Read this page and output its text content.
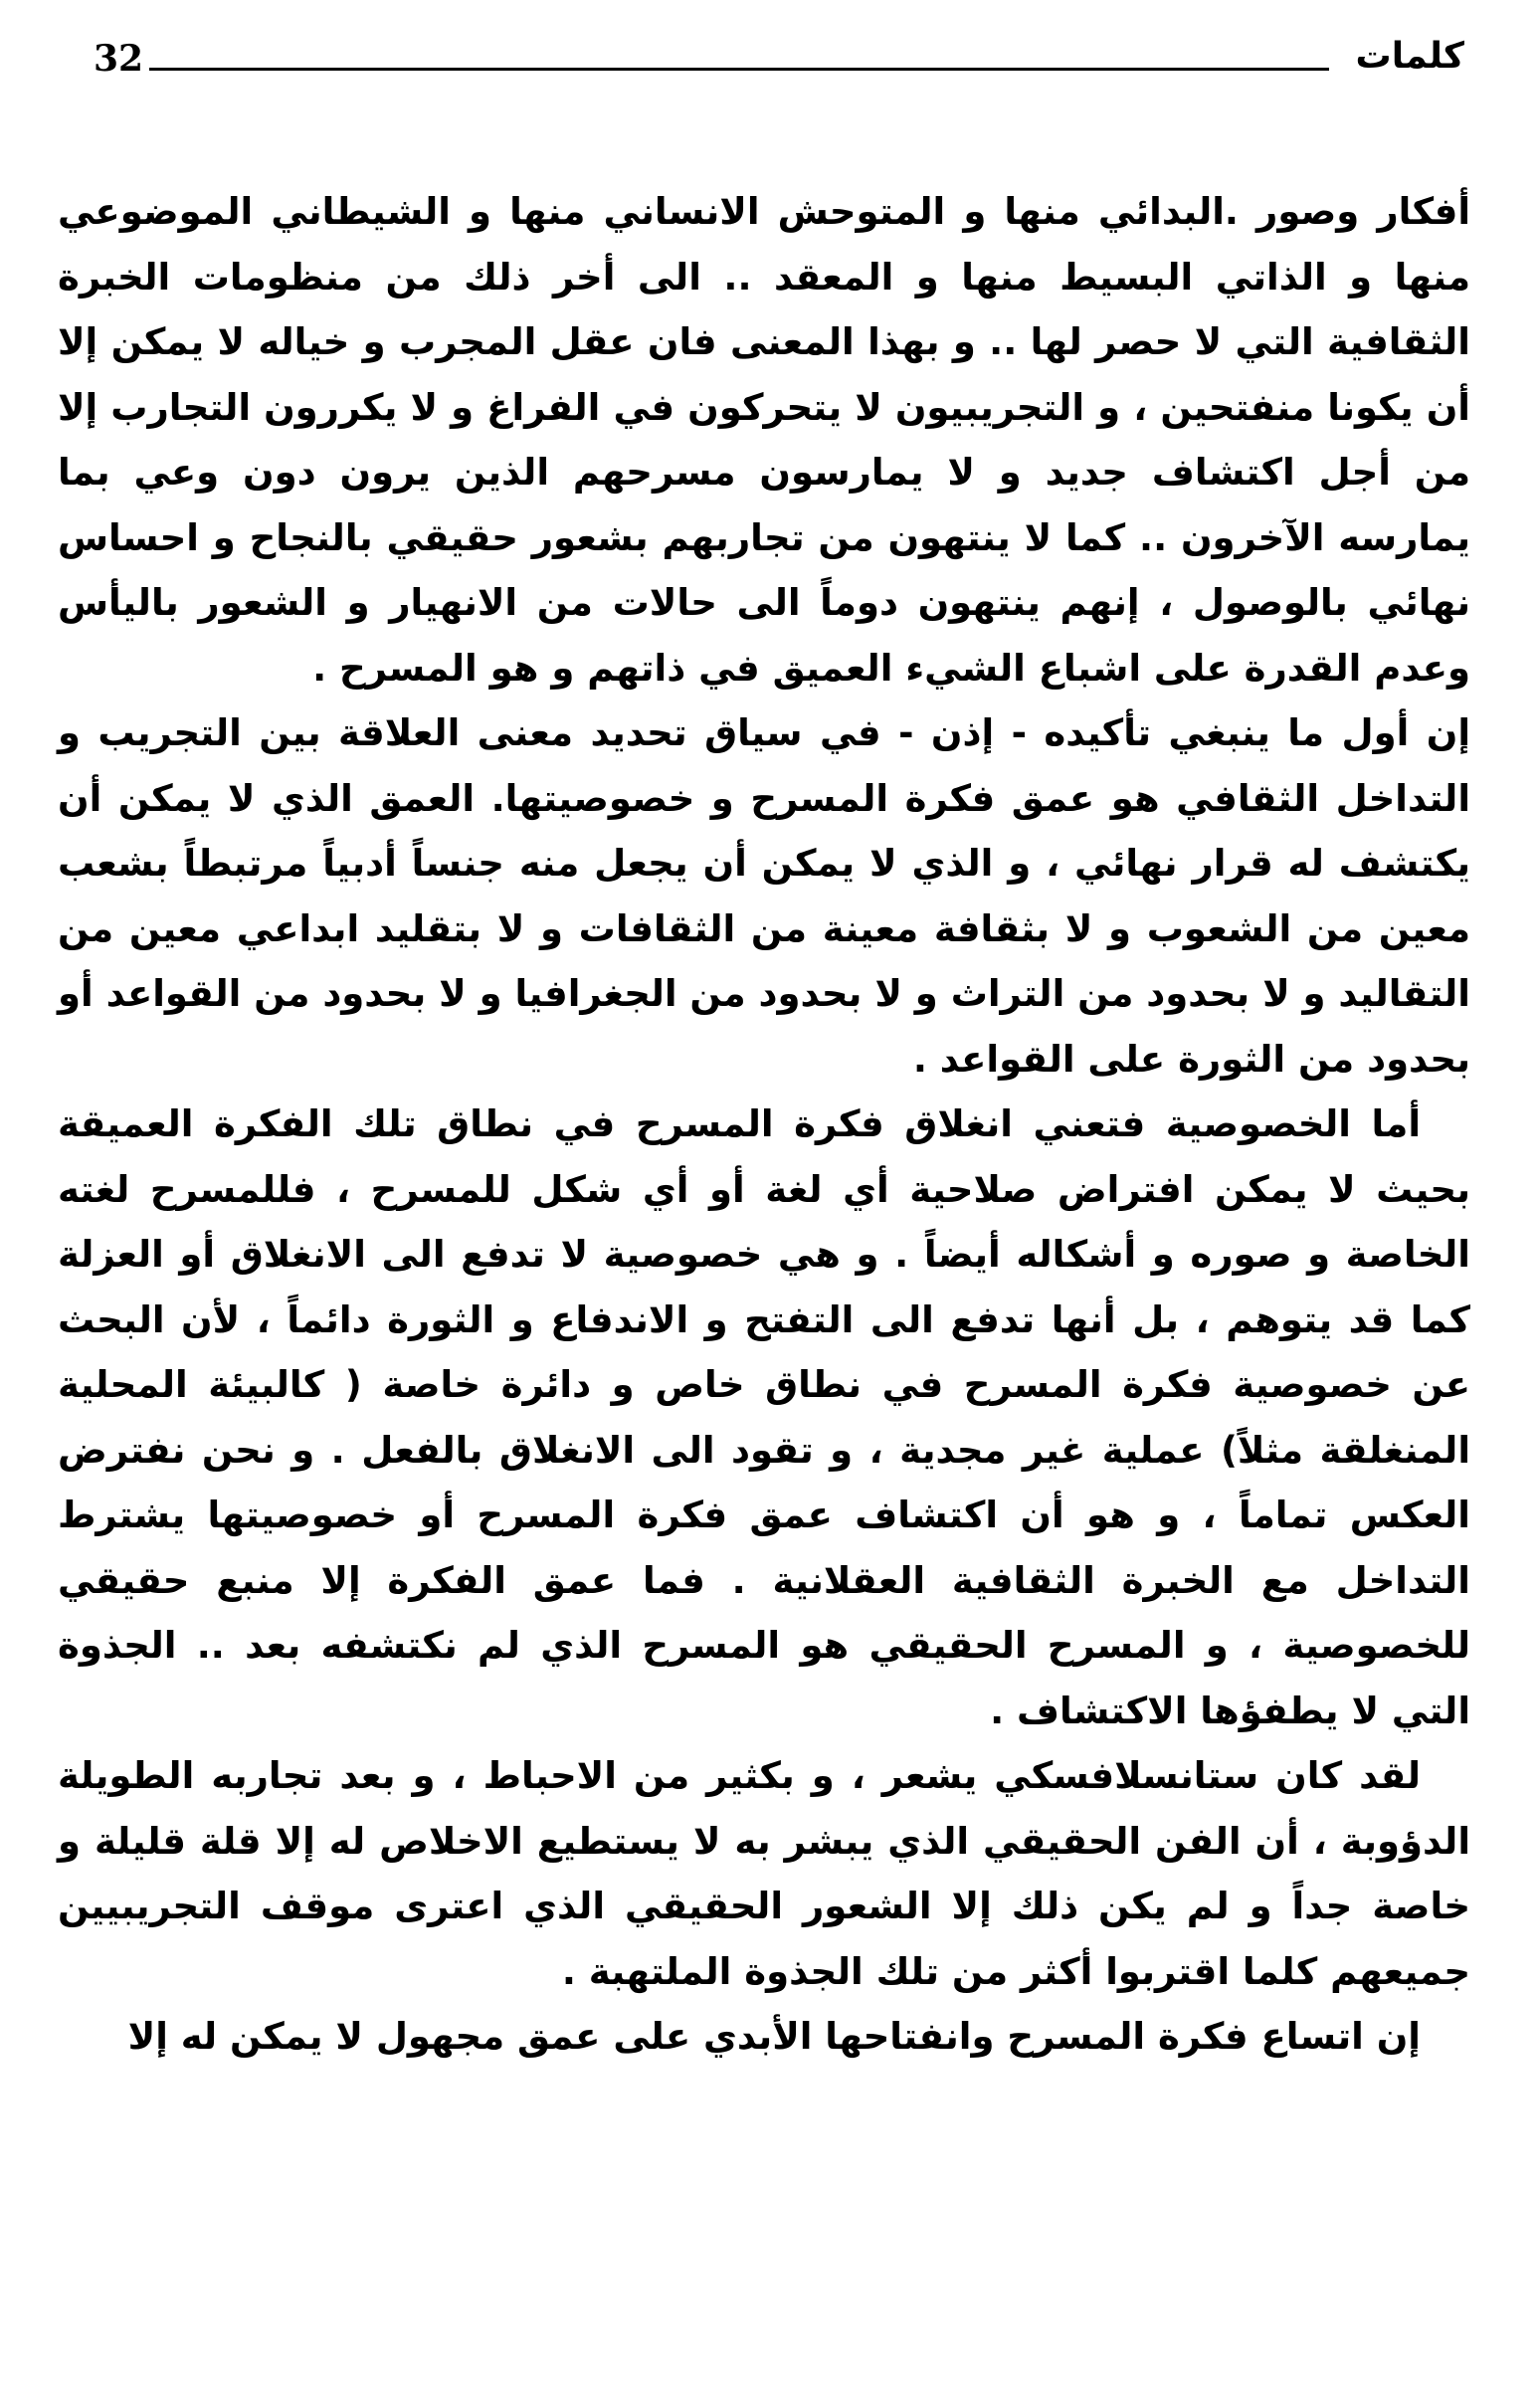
32	كلمات

أفكار وصور .البدائي منها و المتوحش الانساني منها و الشيطاني الموضوعي منها و الذاتي البسيط منها و المعقد .. الى أخر ذلك من منظومات الخبرة الثقافية التي لا حصر لها .. و بهذا المعنى فان عقل المجرب و خياله لا يمكن إلا أن يكونا منفتحين ، و التجريبيون لا يتحركون في الفراغ و لا يكررون التجارب إلا من أجل اكتشاف جديد و لا يمارسون مسرحهم الذين يرون دون وعي بما يمارسه الآخرون .. كما لا ينتهون من تجاربهم بشعور حقيقي بالنجاح و احساس نهائي بالوصول ، إنهم ينتهون دوماً الى حالات من الانهيار و الشعور باليأس وعدم القدرة على اشباع الشيء العميق في ذاتهم و هو المسرح .

إن أول ما ينبغي تأكيده - إذن - في سياق تحديد معنى العلاقة بين التجريب و التداخل الثقافي هو عمق فكرة المسرح و خصوصيتها. العمق الذي لا يمكن أن يكتشف له قرار نهائي ، و الذي لا يمكن أن يجعل منه جنساً أدبياً مرتبطاً بشعب معين من الشعوب و لا بثقافة معينة من الثقافات و لا بتقليد ابداعي معين من التقاليد و لا بحدود من التراث و لا بحدود من الجغرافيا و لا بحدود من القواعد أو بحدود من الثورة على القواعد .

أما الخصوصية فتعني انغلاق فكرة المسرح في نطاق تلك الفكرة العميقة بحيث لا يمكن افتراض صلاحية أي لغة أو أي شكل للمسرح ، فللمسرح لغته الخاصة و صوره و أشكاله أيضاً . و هي خصوصية لا تدفع الى الانغلاق أو العزلة كما قد يتوهم ، بل أنها تدفع الى التفتح و الاندفاع و الثورة دائماً ، لأن البحث عن خصوصية فكرة المسرح في نطاق خاص و دائرة خاصة ( كالبيئة المحلية المنغلقة مثلاً) عملية غير مجدية ، و تقود الى الانغلاق بالفعل . و نحن نفترض العكس تماماً ، و هو أن اكتشاف عمق فكرة المسرح أو خصوصيتها يشترط التداخل مع الخبرة الثقافية العقلانية . فما عمق الفكرة إلا منبع حقيقي للخصوصية ، و المسرح الحقيقي هو المسرح الذي لم نكتشفه بعد .. الجذوة التي لا يطفؤها الاكتشاف .

لقد كان ستانسلافسكي يشعر ، و بكثير من الاحباط ، و بعد تجاربه الطويلة الدؤوبة ، أن الفن الحقيقي الذي يبشر به لا يستطيع الاخلاص له إلا قلة قليلة و خاصة جداً و لم يكن ذلك إلا الشعور الحقيقي الذي اعترى موقف التجريبيين جميعهم كلما اقتربوا أكثر من تلك الجذوة الملتهبة .

إن اتساع فكرة المسرح وانفتاحها الأبدي على عمق مجهول لا يمكن له إلا
